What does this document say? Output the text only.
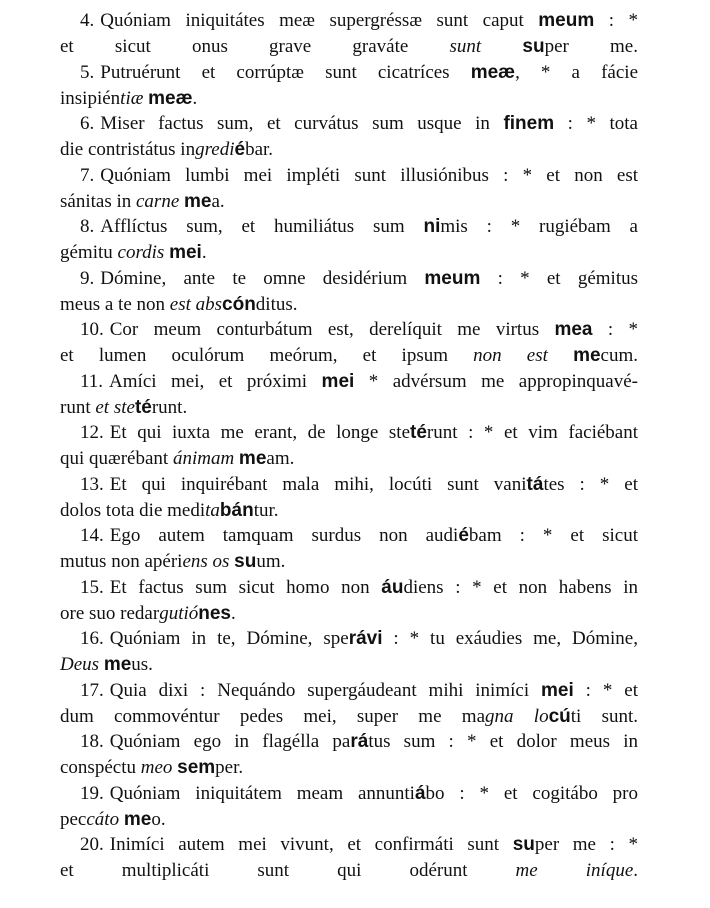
4. Quóniam iniquitátes meæ supergréssæ sunt caput meum : *
et sicut onus grave graváte sunt super me.
5. Putruérunt et corrúptæ sunt cicatríces meæ, * a fácie
insipiéntiæ meæ.
6. Miser factus sum, et curvátus sum usque in finem : * tota
die contristátus ingrediébar.
7. Quóniam lumbi mei impléti sunt illusiónibus : * et non est
sánitas in carne mea.
8. Afflíctus sum, et humiliátus sum nimis : * rugiébam a
gémitu cordis mei.
9. Dómine, ante te omne desidérium meum : * et gémitus
meus a te non est abscónditus.
10. Cor meum conturbátum est, derelíquit me virtus mea : *
et lumen oculórum meórum, et ipsum non est mecum.
11. Amíci mei, et próximi mei * advérsum me appropinquavé-
runt et stetérunt.
12. Et qui iuxta me erant, de longe stetérunt : * et vim faciébant
qui quærébant ánimam meam.
13. Et qui inquirébant mala mihi, locúti sunt vanitátes : * et
dolos tota die meditabántur.
14. Ego autem tamquam surdus non audiébam : * et sicut
mutus non apériens os suum.
15. Et factus sum sicut homo non áudiens : * et non habens in
ore suo redargutiónes.
16. Quóniam in te, Dómine, sperávi : * tu exáudies me, Dómine,
Deus meus.
17. Quia dixi : Nequándo supergáudeant mihi inimíci mei : * et
dum commovéntur pedes mei, super me magna locúti sunt.
18. Quóniam ego in flagélla parátus sum : * et dolor meus in
conspéctu meo semper.
19. Quóniam iniquitátem meam annuntiábo : * et cogitábo pro
peccáto meo.
20. Inimíci autem mei vivunt, et confirmáti sunt super me : *
et multiplicáti sunt qui odérunt me iníque.
